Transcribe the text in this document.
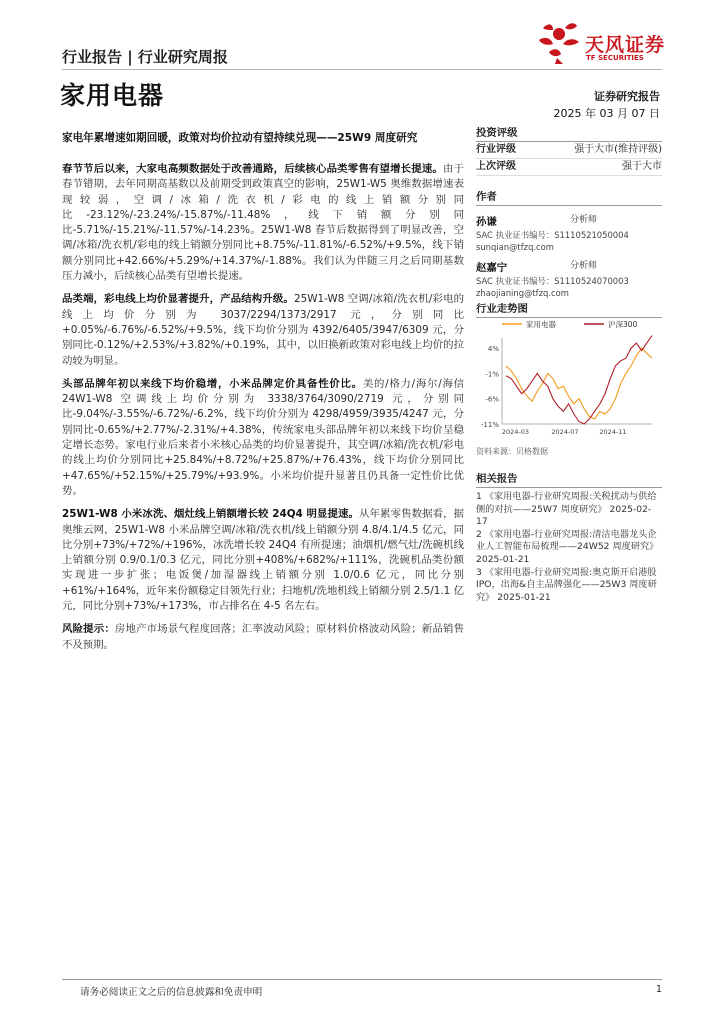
行业报告 | 行业研究周报
家用电器
天风证券
TF SECURITIES
证券研究报告
2025 年 03 月 07 日
家电年累增速如期回暖，政策对均价拉动有望持续兑现——25W9 周度研究

春节节后以来，大家电高频数据处于改善通路，后续核心品类零售有望增长提速。由于春节错期，去年同期高基数以及前期受到政策真空的影响，25W1-W5 奥维数据增速表现较弱，空调/冰箱/洗衣机/彩电的线上销额分别同比-23.12%/-23.24%/-15.87%/-11.48%，线下销额分别同比-5.71%/-15.21%/-11.57%/-14.23%。25W1-W8 春节后数据得到了明显改善，空调/冰箱/洗衣机/彩电的线上销额分别同比+8.75%/-11.81%/-6.52%/+9.5%，线下销额分别同比+42.66%/+5.29%/+14.37%/-1.88%。我们认为伴随三月之后同期基数压力减小，后续核心品类有望增长提速。

品类端，彩电线上均价显著提升，产品结构升级。25W1-W8 空调/冰箱/洗衣机/彩电的线上均价分别为 3037/2294/1373/2917 元，分别同比+0.05%/-6.76%/-6.52%/+9.5%，线下均价分别为 4392/6405/3947/6309 元，分别同比-0.12%/+2.53%/+3.82%/+0.19%，其中，以旧换新政策对彩电线上均价的拉动较为明显。

头部品牌年初以来线下均价稳增，小米品牌定价具备性价比。美的/格力/海尔/海信 24W1-W8 空调线上均价分别为 3338/3764/3090/2719 元，分别同比-9.04%/-3.55%/-6.72%/-6.2%，线下均价分别为 4298/4959/3935/4247 元，分别同比-0.65%/+2.77%/-2.31%/+4.38%，传统家电头部品牌年初以来线下均价呈稳定增长态势。家电行业后来者小米核心品类的均价显著提升，其空调/冰箱/洗衣机/彩电的线上均价分别同比+25.84%/+8.72%/+25.87%/+76.43%，线下均价分别同比+47.65%/+52.15%/+25.79%/+93.9%。小米均价提升显著且仍具备一定性价比优势。

25W1-W8 小米冰洗、烟灶线上销额增长较 24Q4 明显提速。从年累零售数据看，据奥维云网，25W1-W8 小米品牌空调/冰箱/洗衣机/线上销额分别 4.8/4.1/4.5 亿元，同比分别+73%/+72%/+196%，冰洗增长较 24Q4 有所提速；油烟机/燃气灶/洗碗机线上销额分别 0.9/0.1/0.3 亿元，同比分别+408%/+682%/+111%，洗碗机品类份额实现进一步扩张；电饭煲/加湿器线上销额分别 1.0/0.6 亿元，同比分别+61%/+164%，近年来份额稳定目领先行业；扫地机/洗地机线上销额分别 2.5/1.1 亿元，同比分别+73%/+173%，市占排名在 4-5 名左右。

风险提示：房地产市场景气程度回落；汇率波动风险；原材料价格波动风险；新品销售不及预期。

投资评级
行业评级	强于大市(维持评级)
上次评级	强于大市
作者
孙谦	分析师
SAC 执业证书编号：S1110521050004
sunqian@tfzq.com
赵嘉宁	分析师
SAC 执业证书编号：S1110524070003
zhaojianing@tfzq.com
行业走势图
家用电器	沪深300
4%
-1%
-6%
-11%
2024-03	2024-07	2024-11
资料来源：贝格数据
相关报告
1 《家用电器-行业研究周报:关税扰动与供给侧的对抗——25W7 周度研究》 2025-02-17
2 《家用电器-行业研究周报:清洁电器龙头企业人工智能布局梳理——24W52 周度研究》 2025-01-21
3 《家用电器-行业研究周报:奥克斯开启港股 IPO，出海&自主品牌强化——25W3 周度研究》 2025-01-21
请务必阅读正文之后的信息披露和免责申明	1
